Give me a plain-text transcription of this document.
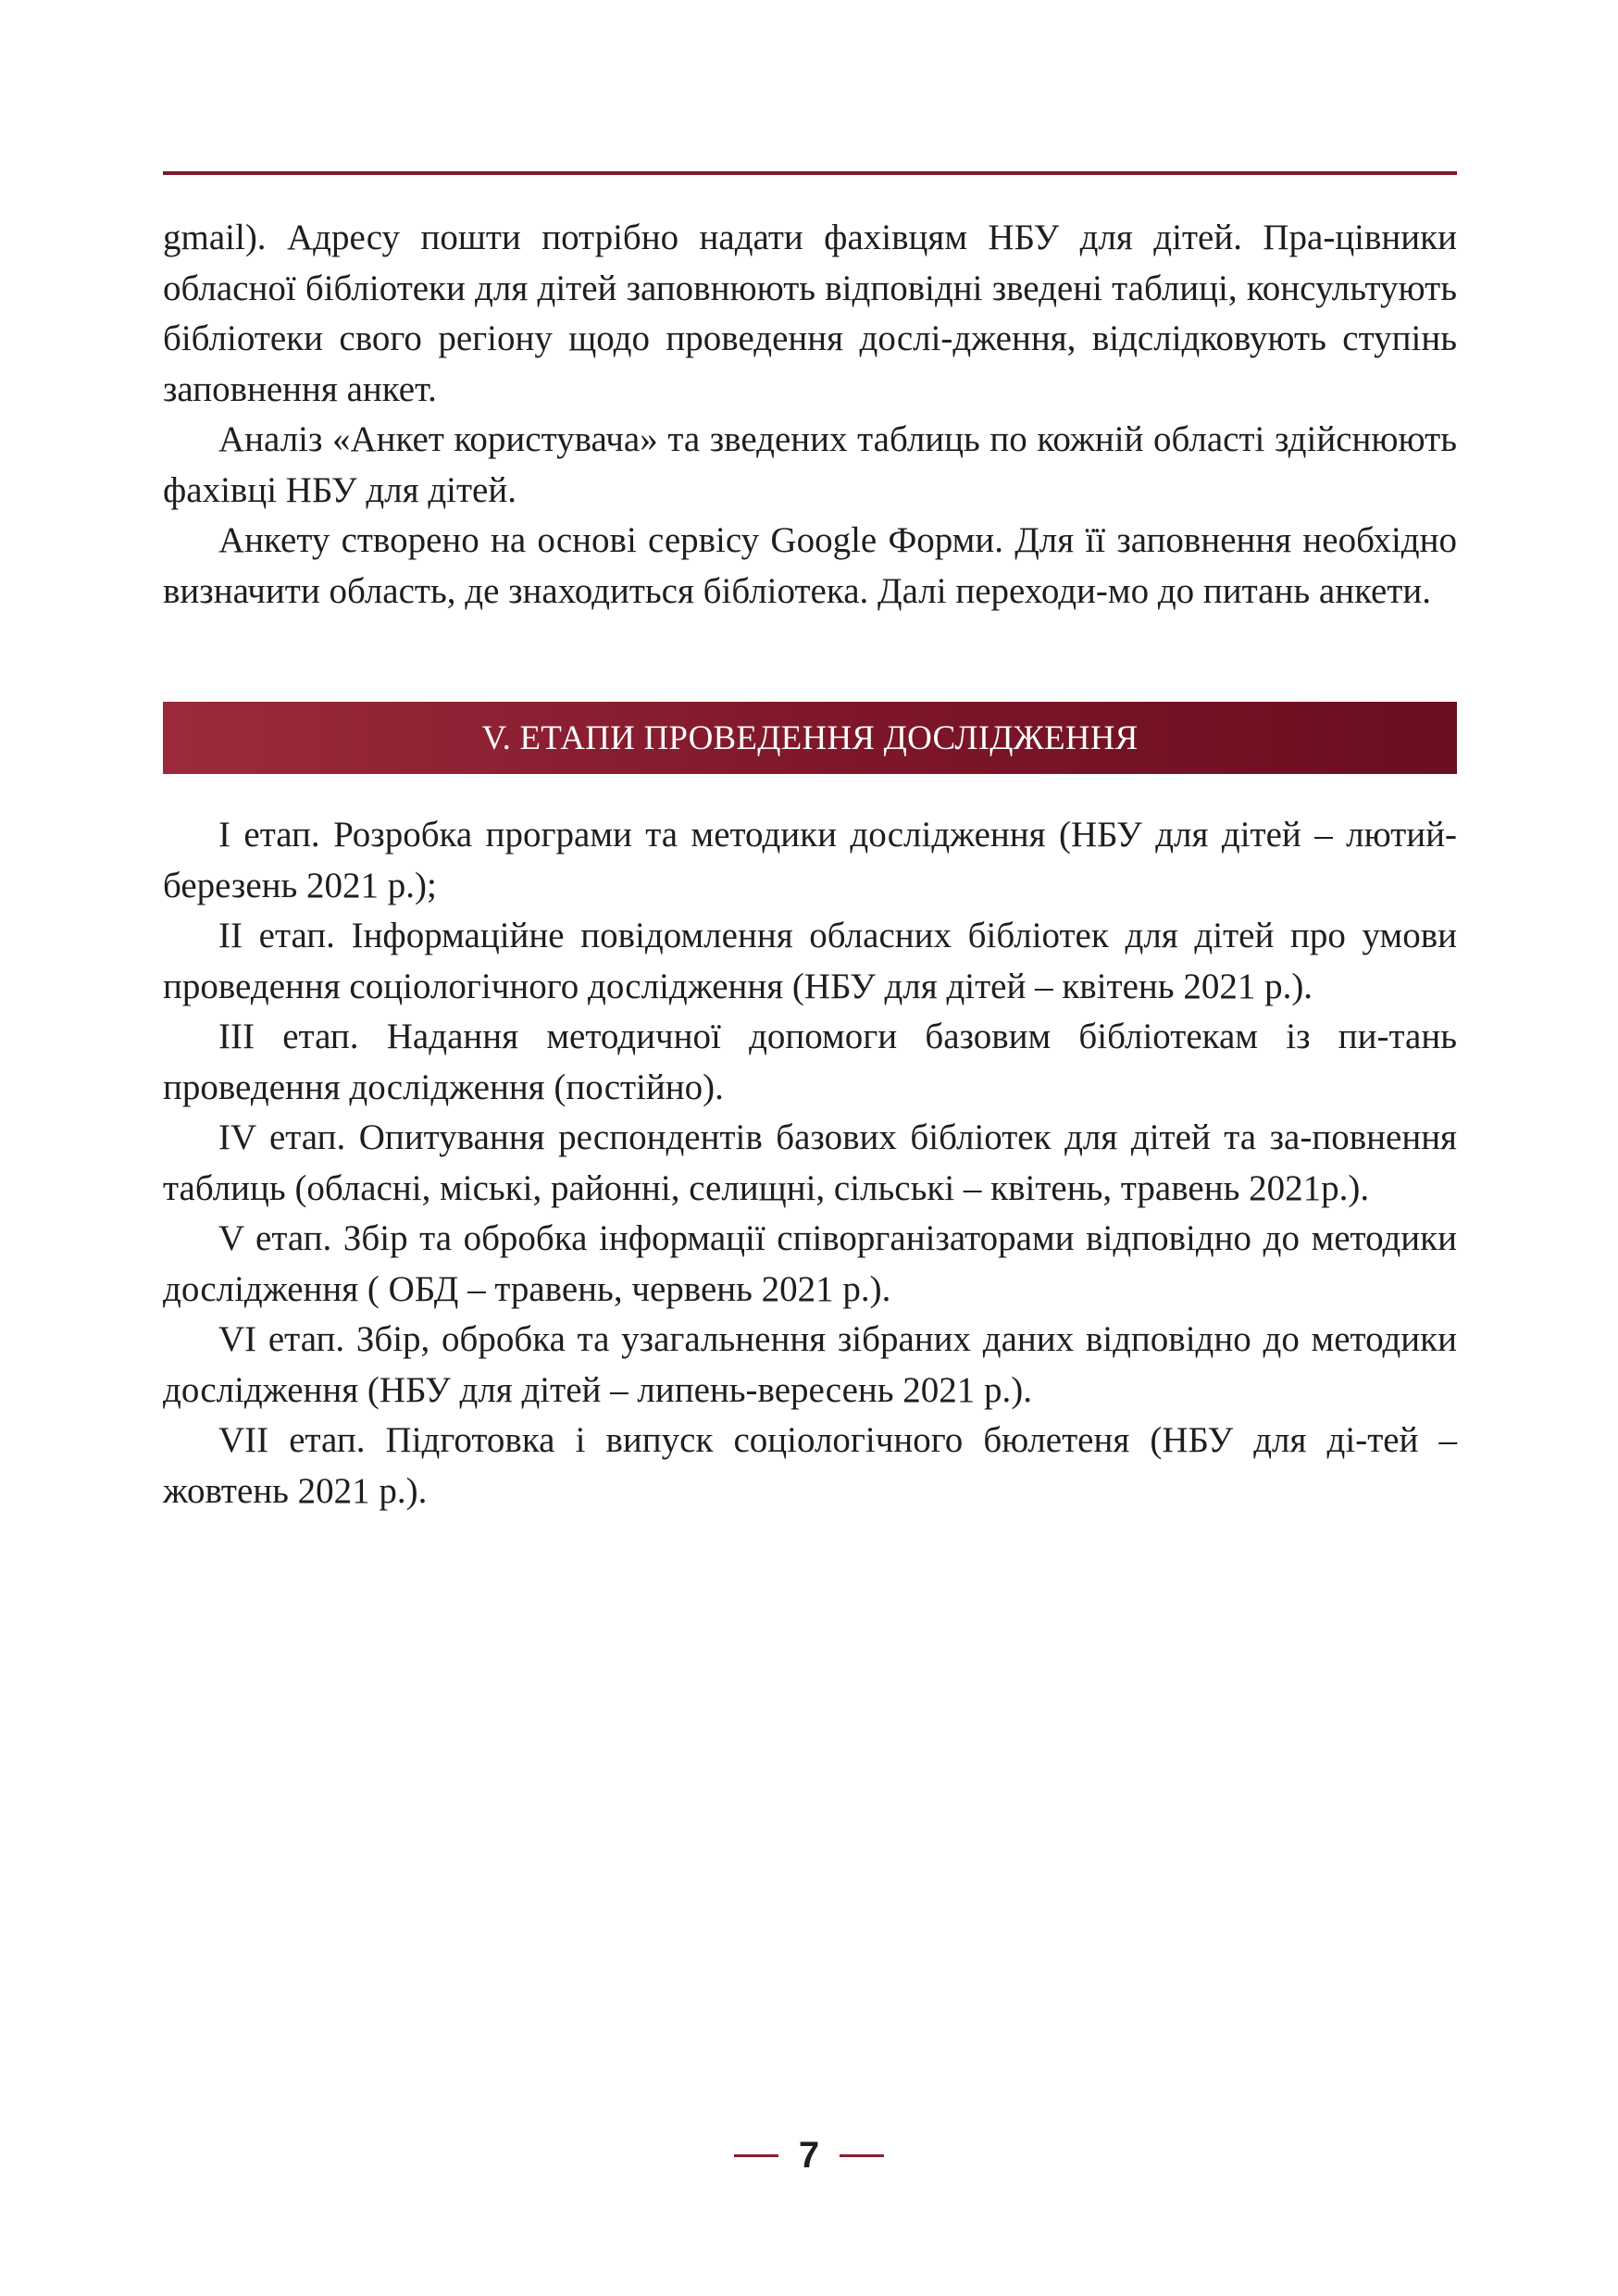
gmail). Адресу пошти потрібно надати фахівцям НБУ для дітей. Пра-цівники обласної бібліотеки для дітей заповнюють відповідні зведені таблиці, консультують бібліотеки свого регіону щодо проведення дослі-дження, відслідковують ступінь заповнення анкет.

Аналіз «Анкет користувача» та зведених таблиць по кожній області здійснюють фахівці НБУ для дітей.

Анкету створено на основі сервісу Google Форми. Для її заповнення необхідно визначити область, де знаходиться бібліотека. Далі переходи-мо до питань анкети.

V. ЕТАПИ ПРОВЕДЕННЯ ДОСЛІДЖЕННЯ

І етап. Розробка програми та методики дослідження (НБУ для дітей – лютий-березень 2021 р.);

ІІ етап. Інформаційне повідомлення обласних бібліотек для дітей про умови проведення соціологічного дослідження (НБУ для дітей – квітень 2021 р.).

ІІІ етап. Надання методичної допомоги базовим бібліотекам із пи-тань проведення дослідження (постійно).

IV етап. Опитування респондентів базових бібліотек для дітей та за-повнення таблиць (обласні, міські, районні, селищні, сільські – квітень, травень 2021р.).

V етап. Збір та обробка інформації співорганізаторами відповідно до методики дослідження ( ОБД – травень, червень 2021 р.).

VI етап. Збір, обробка та узагальнення зібраних даних відповідно до методики дослідження (НБУ для дітей – липень-вересень 2021 р.).

VII етап. Підготовка і випуск соціологічного бюлетеня (НБУ для ді-тей – жовтень 2021 р.).

7
